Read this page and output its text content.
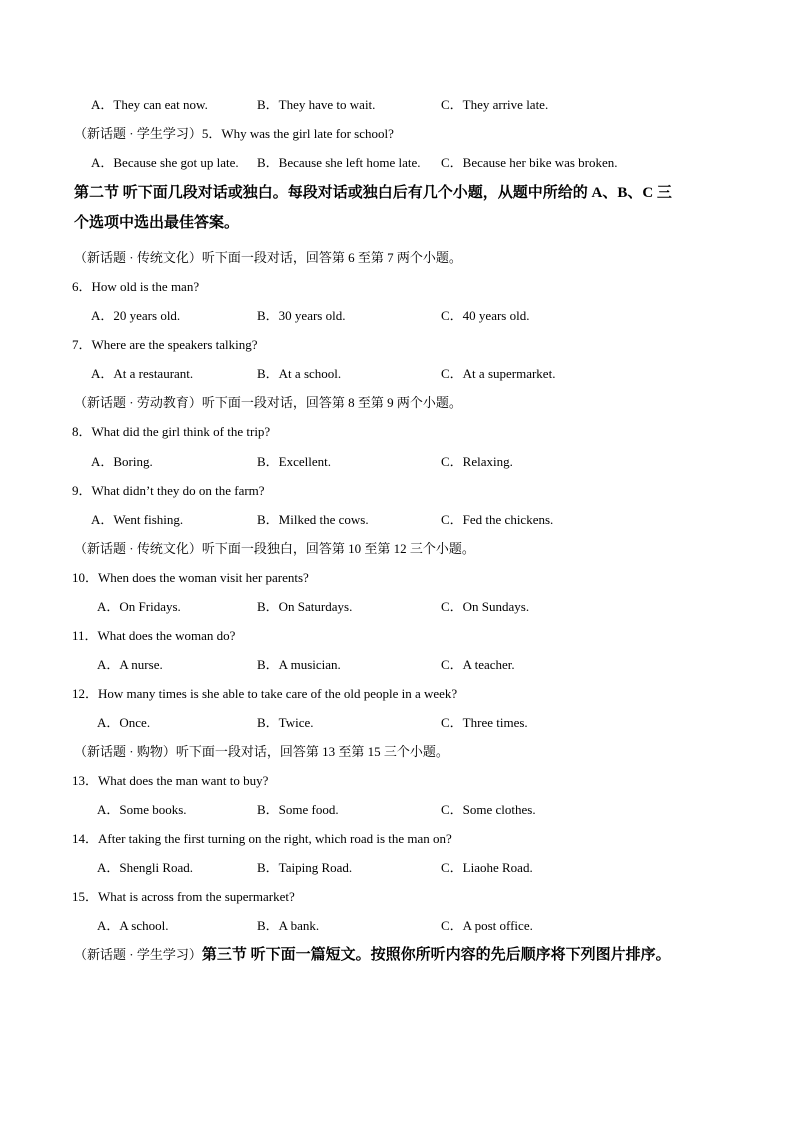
A．They can eat now.	B．They have to wait.	C．They arrive late.
（新话题 · 学生学习）5．Why was the girl late for school?
A．Because she got up late. B．Because she left home late. C．Because her bike was broken.
第二节 听下面几段对话或独白。每段对话或独白后有几个小题，从题中所给的 A、B、C 三
个选项中选出最佳答案。
（新话题 · 传统文化）听下面一段对话，回答第 6 至第 7 两个小题。
6．How old is the man?
A．20 years old.	B．30 years old.	C．40 years old.
7．Where are the speakers talking?
A．At a restaurant.	B．At a school.	C．At a supermarket.
（新话题 · 劳动教育）听下面一段对话，回答第 8 至第 9 两个小题。
8．What did the girl think of the trip?
A．Boring.	B．Excellent.	C．Relaxing.
9．What didn’t they do on the farm?
A．Went fishing.	B．Milked the cows.	C．Fed the chickens.
（新话题 · 传统文化）听下面一段独白，回答第 10 至第 12 三个小题。
10．When does the woman visit her parents?
A．On Fridays.	B．On Saturdays.	C．On Sundays.
11．What does the woman do?
A．A nurse.	B．A musician.	C．A teacher.
12．How many times is she able to take care of the old people in a week?
A．Once.	B．Twice.	C．Three times.
（新话题 · 购物）听下面一段对话，回答第 13 至第 15 三个小题。
13．What does the man want to buy?
A．Some books.	B．Some food.	C．Some clothes.
14．After taking the first turning on the right, which road is the man on?
A．Shengli Road.	B．Taiping Road.	C．Liaohe Road.
15．What is across from the supermarket?
A．A school.	B．A bank.	C．A post office.
（新话题 · 学生学习）第三节 听下面一篇短文。按照你所听内容的先后顺序将下列图片排序。
